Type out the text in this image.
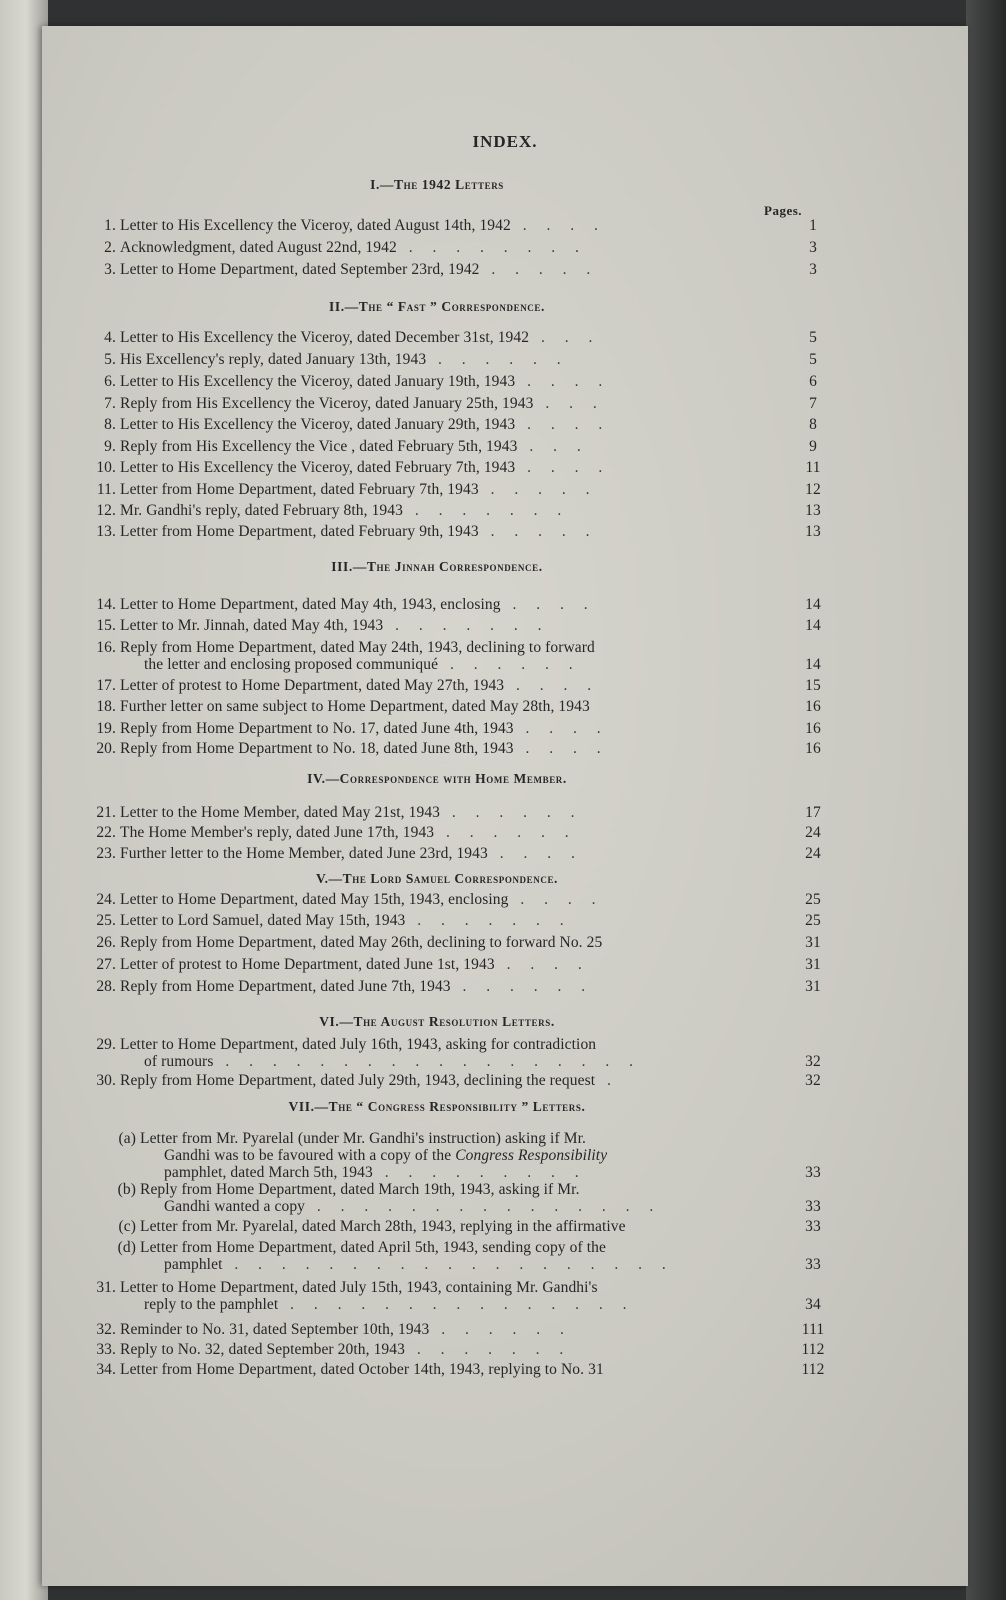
INDEX.
Pages.
I.—The 1942 Letters
II.—The “ Fast ” Correspondence.
III.—The Jinnah Correspondence.
IV.—Correspondence with Home Member.
V.—The Lord Samuel Correspondence.
VI.—The August Resolution Letters.
VII.—The “ Congress Responsibility ” Letters.
1. Letter to His Excellency the Viceroy, dated August 14th, 1942 . . . .	1
2. Acknowledgment, dated August 22nd, 1942 . . . . . . . .	3
3. Letter to Home Department, dated September 23rd, 1942 . . . . .	3
4. Letter to His Excellency the Viceroy, dated December 31st, 1942 . . .	5
5. His Excellency's reply, dated January 13th, 1943 . . . . . .	5
6. Letter to His Excellency the Viceroy, dated January 19th, 1943 . . . .	6
7. Reply from His Excellency the Viceroy, dated January 25th, 1943 . . .	7
8. Letter to His Excellency the Viceroy, dated January 29th, 1943 . . . .	8
9. Reply from His Excellency the Vice , dated February 5th, 1943 . . .	9
10. Letter to His Excellency the Viceroy, dated February 7th, 1943 . . . .	11
11. Letter from Home Department, dated February 7th, 1943 . . . . .	12
12. Mr. Gandhi's reply, dated February 8th, 1943 . . . . . . .	13
13. Letter from Home Department, dated February 9th, 1943 . . . . .	13
14. Letter to Home Department, dated May 4th, 1943, enclosing . . . .	14
15. Letter to Mr. Jinnah, dated May 4th, 1943 . . . . . . .	14
16. Reply from Home Department, dated May 24th, 1943, declining to forward
the letter and enclosing proposed communiqué . . . . . .	14
17. Letter of protest to Home Department, dated May 27th, 1943 . . . .	15
18. Further letter on same subject to Home Department, dated May 28th, 1943	16
19. Reply from Home Department to No. 17, dated June 4th, 1943 . . . .	16
20. Reply from Home Department to No. 18, dated June 8th, 1943 . . . .	16
21. Letter to the Home Member, dated May 21st, 1943 . . . . . .	17
22. The Home Member's reply, dated June 17th, 1943 . . . . . .	24
23. Further letter to the Home Member, dated June 23rd, 1943 . . . .	24
24. Letter to Home Department, dated May 15th, 1943, enclosing . . . .	25
25. Letter to Lord Samuel, dated May 15th, 1943 . . . . . . .	25
26. Reply from Home Department, dated May 26th, declining to forward No. 25	31
27. Letter of protest to Home Department, dated June 1st, 1943 . . . .	31
28. Reply from Home Department, dated June 7th, 1943 . . . . . .	31
29. Letter to Home Department, dated July 16th, 1943, asking for contradiction
of rumours . . . . . . . . . . . . . . . . . .	32
30. Reply from Home Department, dated July 29th, 1943, declining the request .	32
(a) Letter from Mr. Pyarelal (under Mr. Gandhi's instruction) asking if Mr.
Gandhi was to be favoured with a copy of the Congress Responsibility
pamphlet, dated March 5th, 1943 . . . . . . . . .	33
(b) Reply from Home Department, dated March 19th, 1943, asking if Mr.
Gandhi wanted a copy . . . . . . . . . . . . . . .	33
(c) Letter from Mr. Pyarelal, dated March 28th, 1943, replying in the affirmative	33
(d) Letter from Home Department, dated April 5th, 1943, sending copy of the
pamphlet . . . . . . . . . . . . . . . . . . .	33
31. Letter to Home Department, dated July 15th, 1943, containing Mr. Gandhi's
reply to the pamphlet . . . . . . . . . . . . . . .	34
32. Reminder to No. 31, dated September 10th, 1943 . . . . . .	111
33. Reply to No. 32, dated September 20th, 1943 . . . . . . .	112
34. Letter from Home Department, dated October 14th, 1943, replying to No. 31	112
